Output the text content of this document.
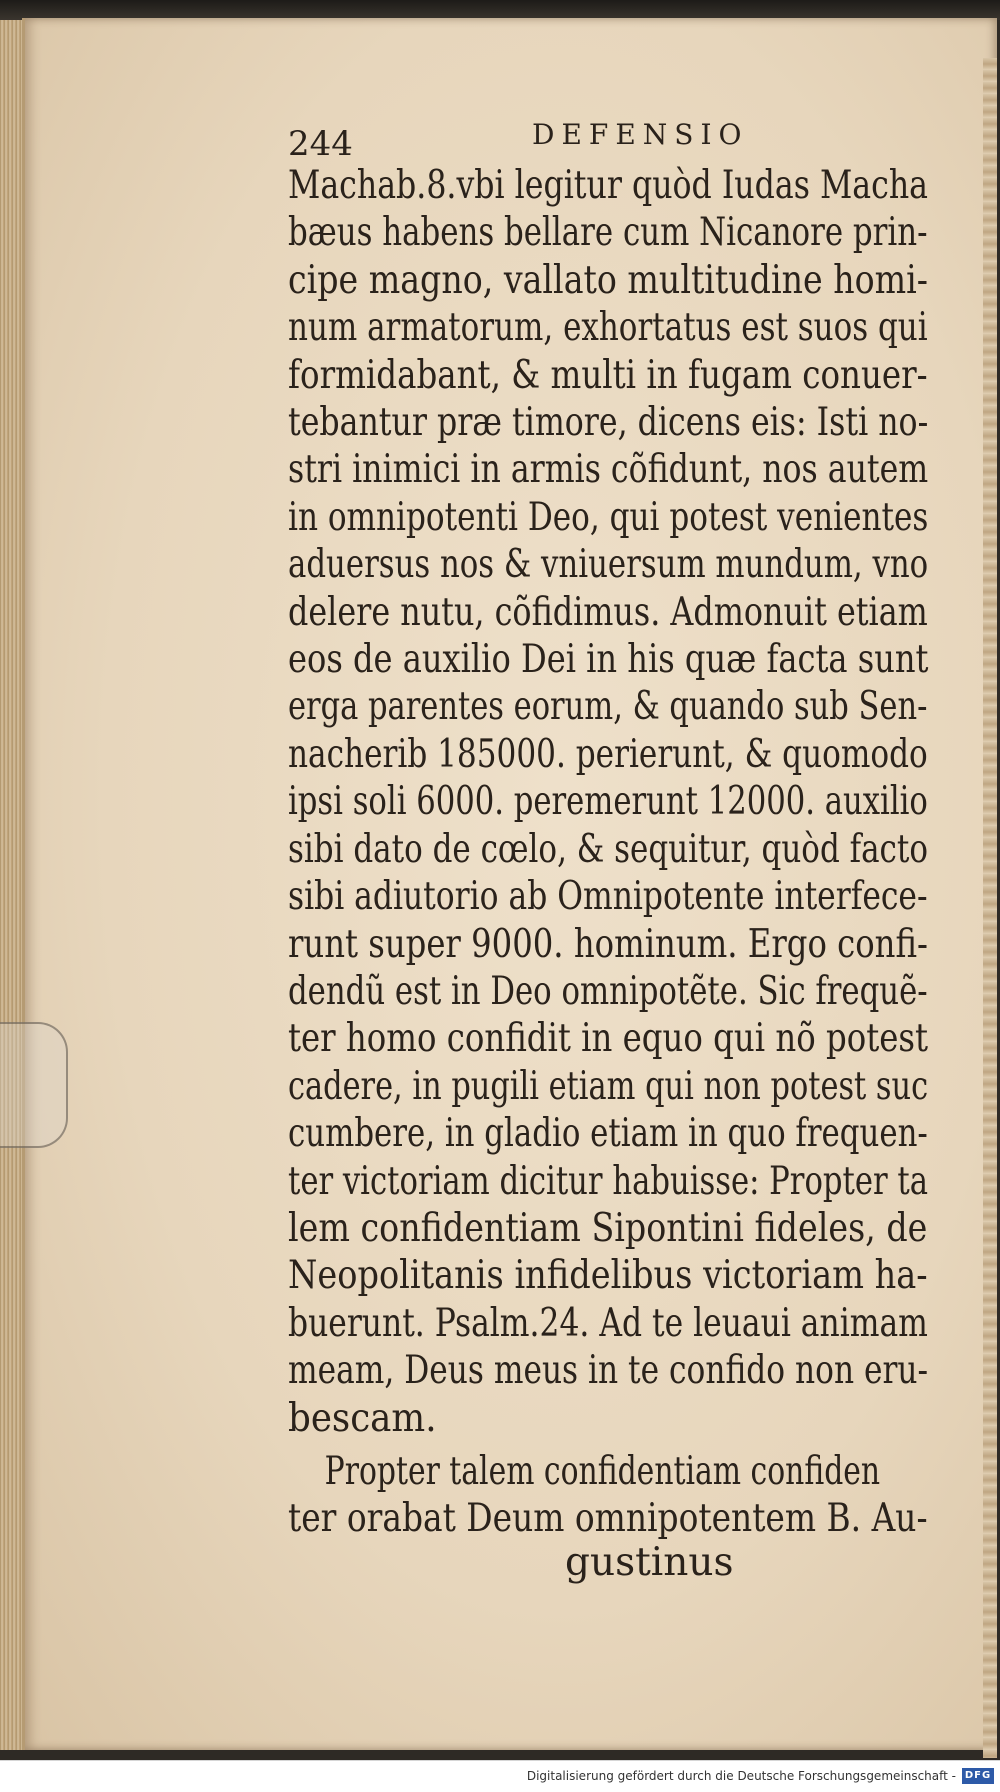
244	DEFENSIO
Machab.8.vbi legitur quòd Iudas Macha
bæus habens bellare cum Nicanore prin-
cipe magno, vallato multitudine homi-
num armatorum, exhortatus est suos qui
formidabant, & multi in fugam conuer-
tebantur præ timore, dicens eis: Isti no-
stri inimici in armis cõfidunt, nos autem
in omnipotenti Deo, qui potest venientes
aduersus nos & vniuersum mundum, vno
delere nutu, cõfidimus. Admonuit etiam
eos de auxilio Dei in his quæ facta sunt
erga parentes eorum, & quando sub Sen-
nacherib 185000. perierunt, & quomodo
ipsi soli 6000. peremerunt 12000. auxilio
sibi dato de cœlo, & sequitur, quòd facto
sibi adiutorio ab Omnipotente interfece-
runt super 9000. hominum. Ergo confi-
dendũ est in Deo omnipotẽte. Sic frequẽ-
ter homo confidit in equo qui nõ potest
cadere, in pugili etiam qui non potest suc
cumbere, in gladio etiam in quo frequen-
ter victoriam dicitur habuisse: Propter ta
lem confidentiam Sipontini fideles, de
Neopolitanis infidelibus victoriam ha-
buerunt. Psalm.24. Ad te leuaui animam
meam, Deus meus in te confido non eru-
bescam.
Propter talem confidentiam confiden
ter orabat Deum omnipotentem B. Au-
gustinus
Digitalisierung gefördert durch die Deutsche Forschungsgemeinschaft - DFG
